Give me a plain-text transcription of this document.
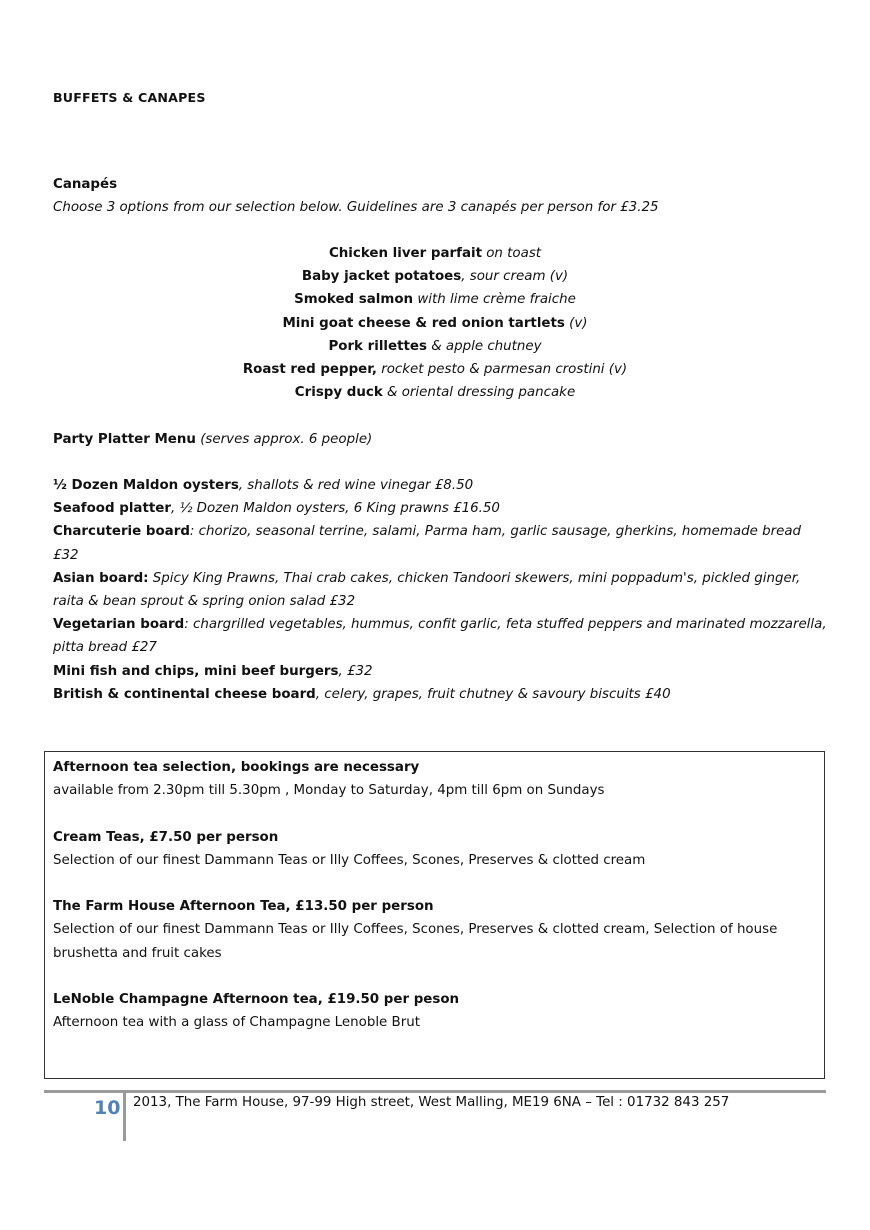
BUFFETS & CANAPES
Canapés
Choose 3 options from our selection below. Guidelines are 3 canapés per person for £3.25
Chicken liver parfait on toast
Baby jacket potatoes, sour cream (v)
Smoked salmon with lime crème fraiche
Mini goat cheese & red onion tartlets (v)
Pork rillettes & apple chutney
Roast red pepper, rocket pesto & parmesan crostini (v)
Crispy duck & oriental dressing pancake
Party Platter Menu (serves approx. 6 people)

½ Dozen Maldon oysters, shallots & red wine vinegar £8.50

Seafood platter, ½ Dozen Maldon oysters, 6 King prawns £16.50

Charcuterie board: chorizo, seasonal terrine, salami, Parma ham, garlic sausage, gherkins, homemade bread £32

Asian board: Spicy King Prawns, Thai crab cakes, chicken Tandoori skewers, mini poppadum's, pickled ginger, raita & bean sprout & spring onion salad £32

Vegetarian board: chargrilled vegetables, hummus, confit garlic, feta stuffed peppers and marinated mozzarella, pitta bread £27

Mini fish and chips, mini beef burgers, £32

British & continental cheese board, celery, grapes, fruit chutney & savoury biscuits £40

Afternoon tea selection, bookings are necessary
available from 2.30pm till 5.30pm , Monday to Saturday, 4pm till 6pm on Sundays
Cream Teas, £7.50 per person
Selection of our finest Dammann Teas or Illy Coffees, Scones, Preserves & clotted cream
The Farm House Afternoon Tea, £13.50 per person
Selection of our finest Dammann Teas or Illy Coffees, Scones, Preserves & clotted cream, Selection of house brushetta and fruit cakes
LeNoble Champagne Afternoon tea, £19.50 per peson
Afternoon tea with a glass of Champagne Lenoble Brut
10 2013, The Farm House, 97-99 High street, West Malling, ME19 6NA – Tel : 01732 843 257
